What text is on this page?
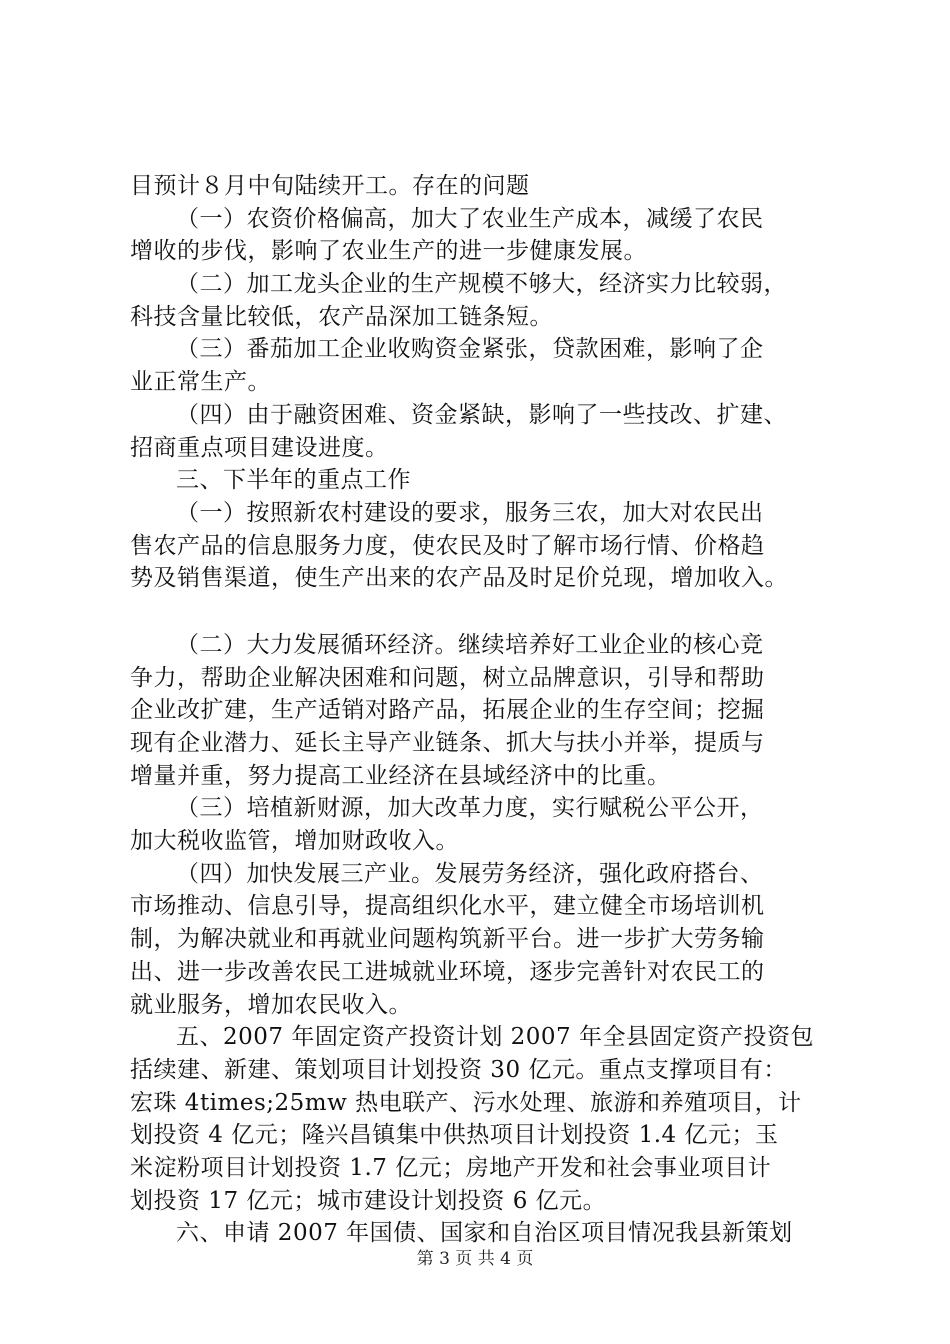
目预计８月中旬陆续开工。存在的问题
（一）农资价格偏高，加大了农业生产成本，减缓了农民
增收的步伐，影响了农业生产的进一步健康发展。
（二）加工龙头企业的生产规模不够大，经济实力比较弱，
科技含量比较低，农产品深加工链条短。
（三）番茄加工企业收购资金紧张，贷款困难，影响了企
业正常生产。
（四）由于融资困难、资金紧缺，影响了一些技改、扩建、
招商重点项目建设进度。
三、下半年的重点工作
（一）按照新农村建设的要求，服务三农，加大对农民出
售农产品的信息服务力度，使农民及时了解市场行情、价格趋
势及销售渠道，使生产出来的农产品及时足价兑现，增加收入。
（二）大力发展循环经济。继续培养好工业企业的核心竞
争力，帮助企业解决困难和问题，树立品牌意识，引导和帮助
企业改扩建，生产适销对路产品，拓展企业的生存空间；挖掘
现有企业潜力、延长主导产业链条、抓大与扶小并举，提质与
增量并重，努力提高工业经济在县域经济中的比重。
（三）培植新财源，加大改革力度，实行赋税公平公开，
加大税收监管，增加财政收入。
（四）加快发展三产业。发展劳务经济，强化政府搭台、
市场推动、信息引导，提高组织化水平，建立健全市场培训机
制，为解决就业和再就业问题构筑新平台。进一步扩大劳务输
出、进一步改善农民工进城就业环境，逐步完善针对农民工的
就业服务，增加农民收入。
五、2007 年固定资产投资计划 2007 年全县固定资产投资包
括续建、新建、策划项目计划投资 30 亿元。重点支撑项目有：
宏珠 4times;25mw 热电联产、污水处理、旅游和养殖项目，计
划投资 4 亿元；隆兴昌镇集中供热项目计划投资 1.4 亿元；玉
米淀粉项目计划投资 1.7 亿元；房地产开发和社会事业项目计
划投资 17 亿元；城市建设计划投资 6 亿元。
六、申请 2007 年国债、国家和自治区项目情况我县新策划
第 3 页 共 4 页
